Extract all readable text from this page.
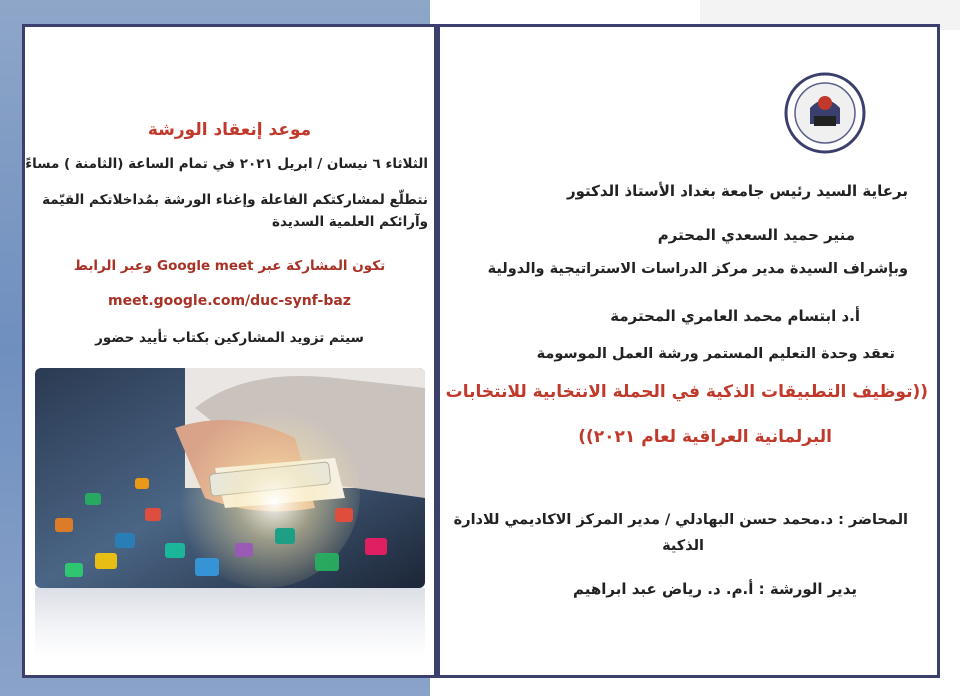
موعد إنعقاد الورشة
الثلاثاء ٦ نيسان / ابريل ٢٠٢١ في تمام الساعة (الثامنة ) مساءً
نتطلّع لمشاركتكم الفاعلة وإغناء الورشة بمُداخلاتكم القيّمة
وآرائكم العلمية السديدة
تكون المشاركة عبر Google meet وعبر الرابط
meet.google.com/duc-synf-baz
سيتم تزويد المشاركين بكتاب تأييد حضور
برعاية السيد رئيس جامعة بغداد الأستاذ الدكتور
منير حميد السعدي المحترم
وبإشراف السيدة مدير مركز الدراسات الاستراتيجية والدولية
أ.د ابتسام محمد العامري المحترمة
تعقد وحدة التعليم المستمر ورشة العمل الموسومة
((توظيف التطبيقات الذكية في الحملة الانتخابية للانتخابات
البرلمانية العراقية لعام ٢٠٢١))
المحاضر : د.محمد حسن البهادلي / مدير المركز الاكاديمي للادارة
الذكية
يدير الورشة : أ.م. د. رياض عبد ابراهيم
